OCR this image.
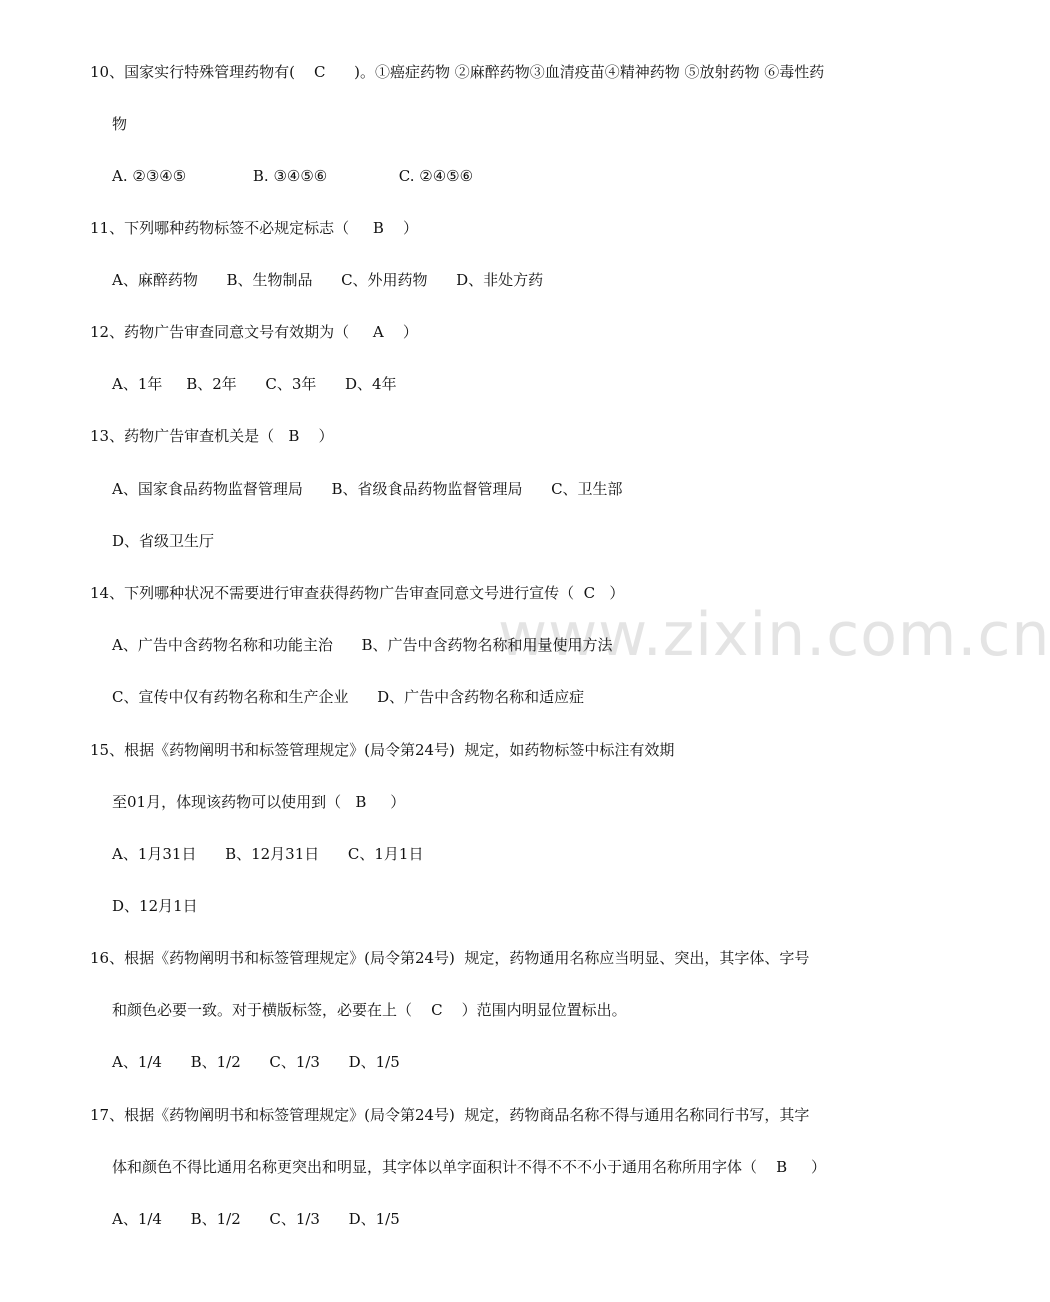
www.zixin.com.cn
10、国家实行特殊管理药物有(    C      )。①癌症药物 ②麻醉药物③血清疫苗④精神药物 ⑤放射药物 ⑥毒性药
物
A. ②③④⑤              B. ③④⑤⑥               C. ②④⑤⑥
11、下列哪种药物标签不必规定标志（     B    ）
A、麻醉药物      B、生物制品      C、外用药物      D、非处方药
12、药物广告审查同意文号有效期为（     A    ）
A、1年     B、2年      C、3年      D、4年
13、药物广告审查机关是（   B    ）
A、国家食品药物监督管理局      B、省级食品药物监督管理局      C、卫生部
D、省级卫生厅
14、下列哪种状况不需要进行审查获得药物广告审查同意文号进行宣传（  C   ）
A、广告中含药物名称和功能主治      B、广告中含药物名称和用量使用方法
C、宣传中仅有药物名称和生产企业      D、广告中含药物名称和适应症
15、根据《药物阐明书和标签管理规定》(局令第24号)  规定，如药物标签中标注有效期
至01月，体现该药物可以使用到（   B     ）
A、1月31日      B、12月31日      C、1月1日
D、12月1日
16、根据《药物阐明书和标签管理规定》(局令第24号)  规定，药物通用名称应当明显、突出，其字体、字号
和颜色必要一致。对于横版标签，必要在上（    C    ）范围内明显位置标出。
A、1/4      B、1/2      C、1/3      D、1/5
17、根据《药物阐明书和标签管理规定》(局令第24号)  规定，药物商品名称不得与通用名称同行书写，其字
体和颜色不得比通用名称更突出和明显，其字体以单字面积计不得不不不小于通用名称所用字体（    B     ）
A、1/4      B、1/2      C、1/3      D、1/5
